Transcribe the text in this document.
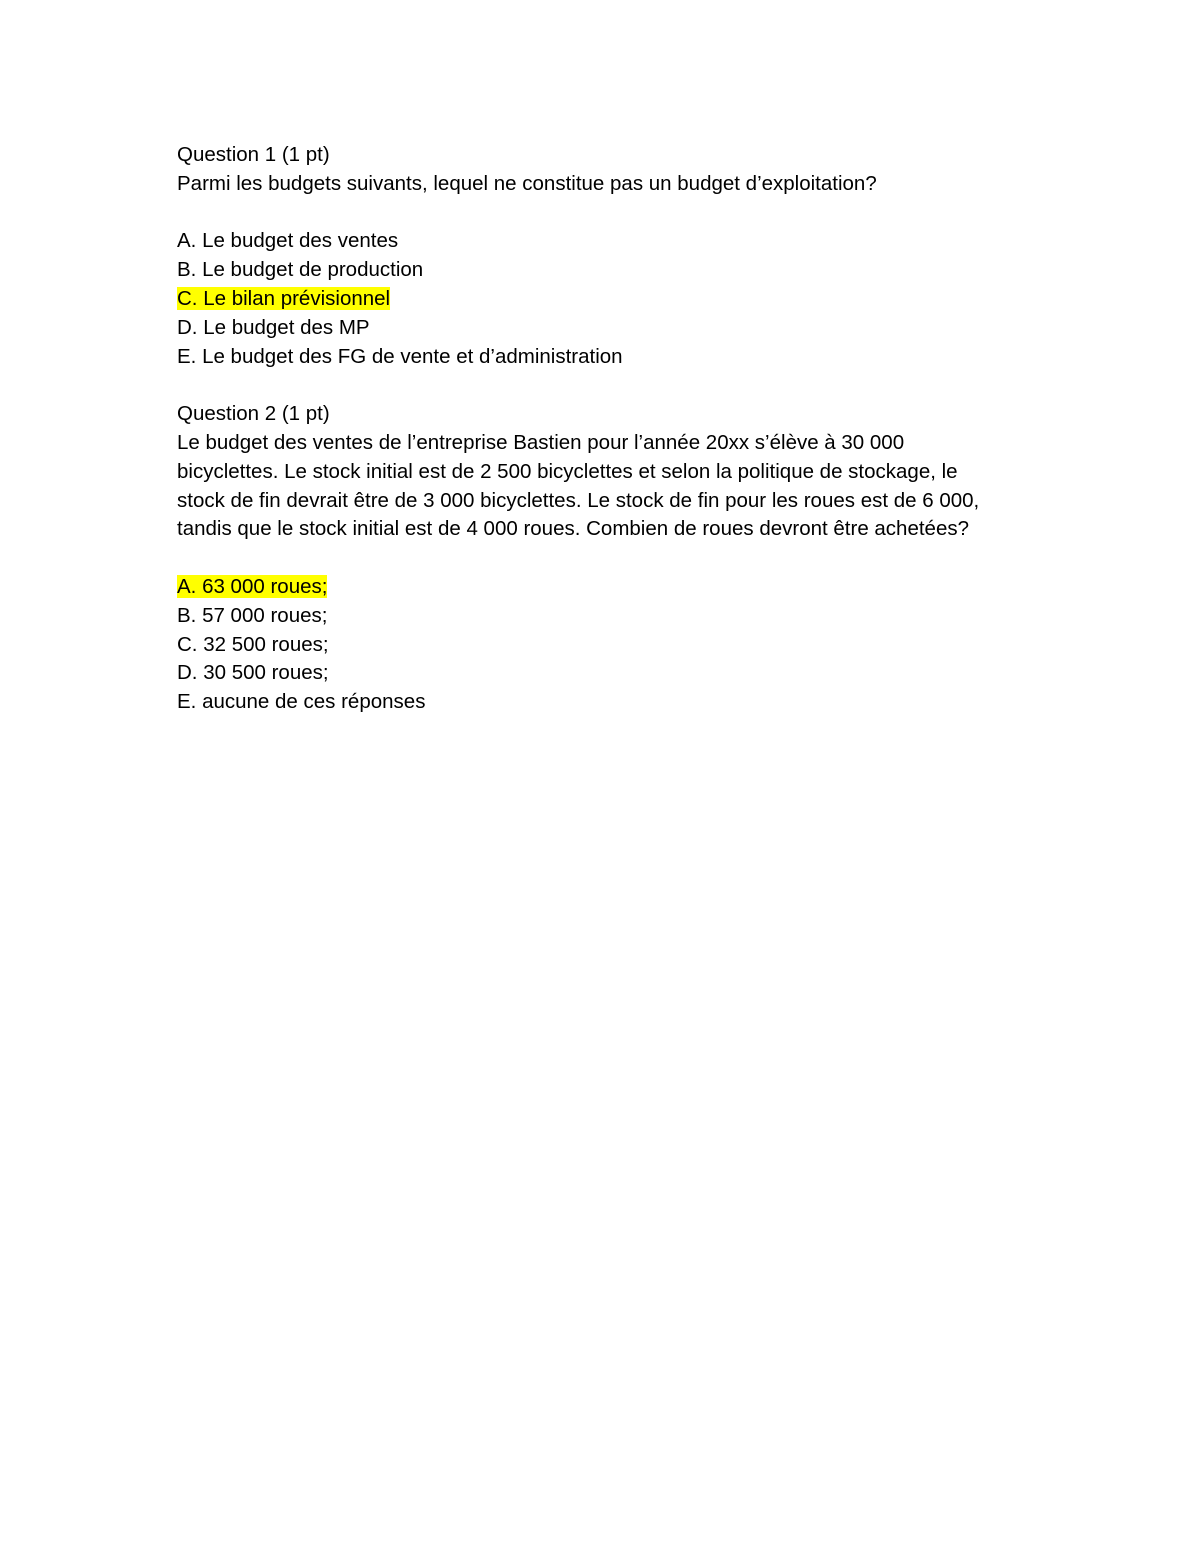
Question 1 (1 pt)
Parmi les budgets suivants, lequel ne constitue pas un budget d’exploitation?
A. Le budget des ventes
B. Le budget de production
C. Le bilan prévisionnel
D. Le budget des MP
E. Le budget des FG de vente et d’administration
Question 2 (1 pt)
Le budget des ventes de l’entreprise Bastien pour l’année 20xx s’élève à 30 000
bicyclettes. Le stock initial est de 2 500 bicyclettes et selon la politique de stockage, le
stock de fin devrait être de 3 000 bicyclettes. Le stock de fin pour les roues est de 6 000,
tandis que le stock initial est de 4 000 roues. Combien de roues devront être achetées?
A. 63 000 roues;
B. 57 000 roues;
C. 32 500 roues;
D. 30 500 roues;
E. aucune de ces réponses
